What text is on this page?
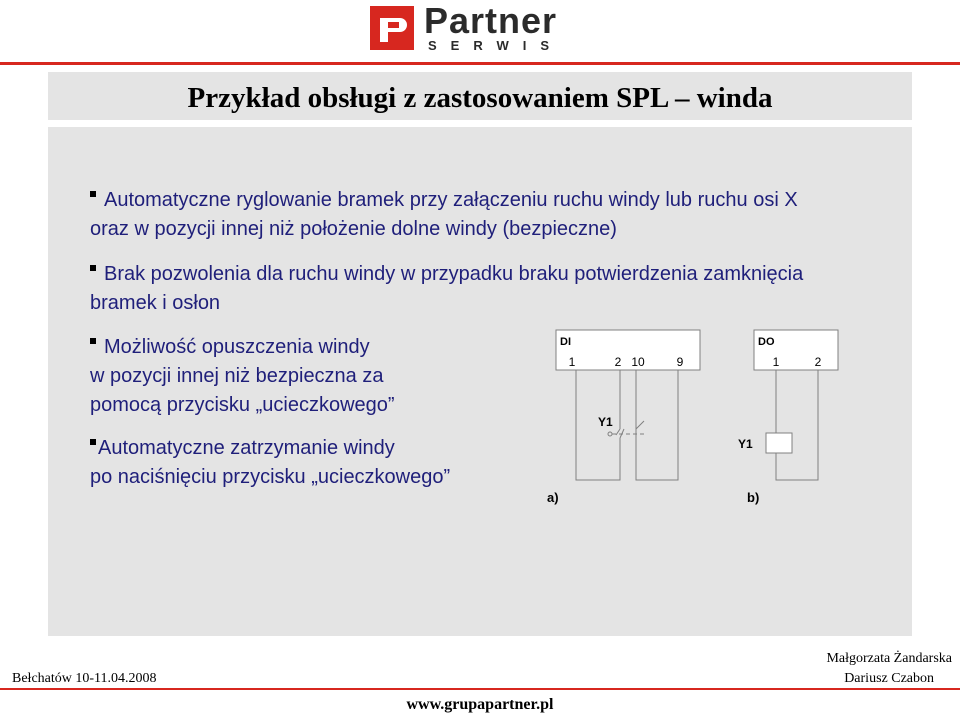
Partner
SERWIS
Przykład obsługi z zastosowaniem SPL – winda
Automatyczne ryglowanie bramek przy załączeniu ruchu windy lub ruchu osi X
oraz w pozycji innej niż położenie dolne windy (bezpieczne)
Brak pozwolenia dla ruchu windy w przypadku braku potwierdzenia zamknięcia
bramek i osłon
Możliwość opuszczenia windy
w pozycji innej niż bezpieczna za
pomocą przycisku „ucieczkowego”
Automatyczne zatrzymanie windy
po naciśnięciu przycisku „ucieczkowego”
DI
1	2 10	9
Y1
a)
DO
1	2
Y1
b)
Bełchatów 10-11.04.2008
Małgorzata Żandarska
Dariusz Czabon
www.grupapartner.pl
